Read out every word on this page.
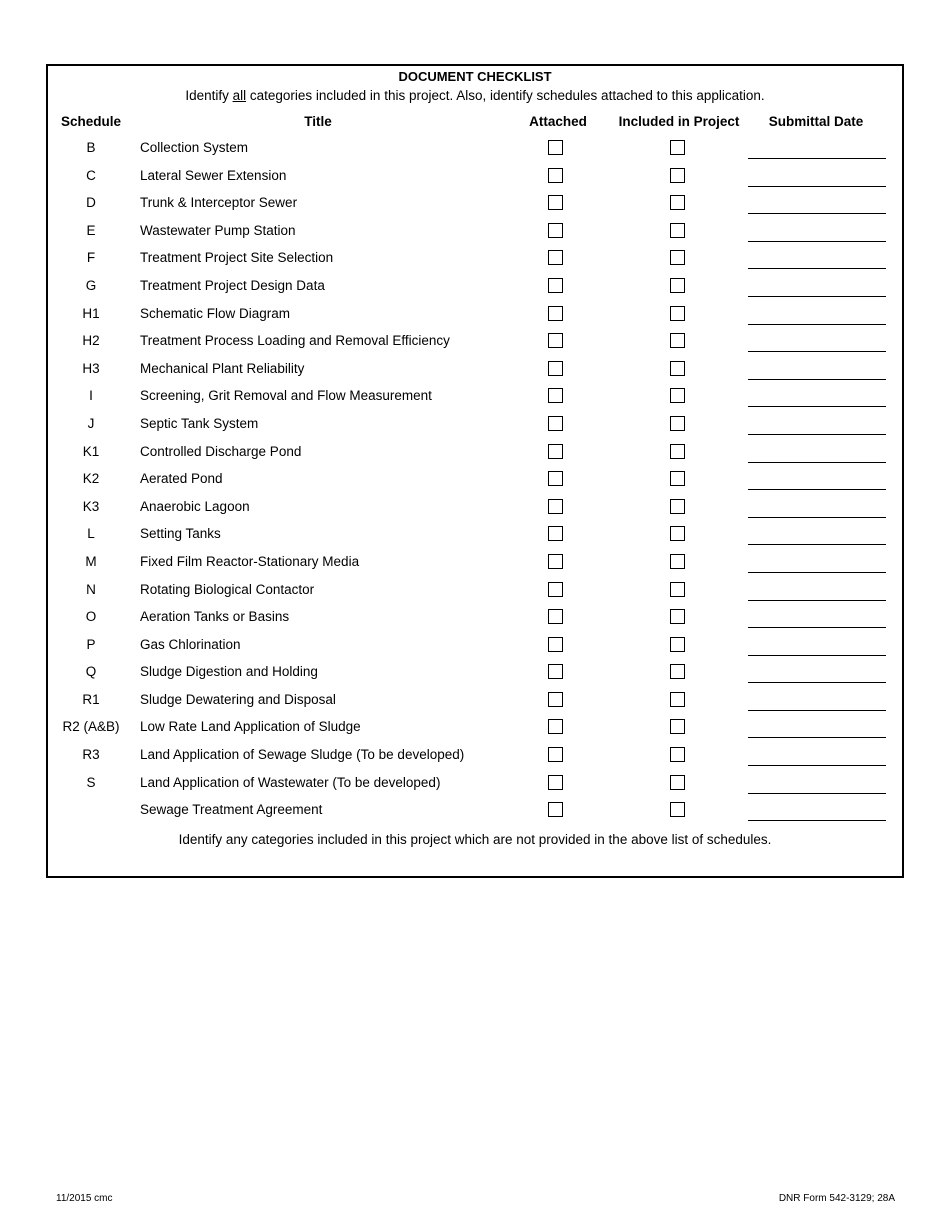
DOCUMENT CHECKLIST
Identify all categories included in this project. Also, identify schedules attached to this application.
Schedule	Title	Attached	Included in Project	Submittal Date
B	Collection System
C	Lateral Sewer Extension
D	Trunk & Interceptor Sewer
E	Wastewater Pump Station
F	Treatment Project Site Selection
G	Treatment Project Design Data
H1	Schematic Flow Diagram
H2	Treatment Process Loading and Removal Efficiency
H3	Mechanical Plant Reliability
I	Screening, Grit Removal and Flow Measurement
J	Septic Tank System
K1	Controlled Discharge Pond
K2	Aerated Pond
K3	Anaerobic Lagoon
L	Setting Tanks
M	Fixed Film Reactor-Stationary Media
N	Rotating Biological Contactor
O	Aeration Tanks or Basins
P	Gas Chlorination
Q	Sludge Digestion and Holding
R1	Sludge Dewatering and Disposal
R2 (A&B)	Low Rate Land Application of Sludge
R3	Land Application of Sewage Sludge (To be developed)
S	Land Application of Wastewater (To be developed)
Sewage Treatment Agreement
Identify any categories included in this project which are not provided in the above list of schedules.
11/2015 cmc	DNR Form 542-3129; 28A
